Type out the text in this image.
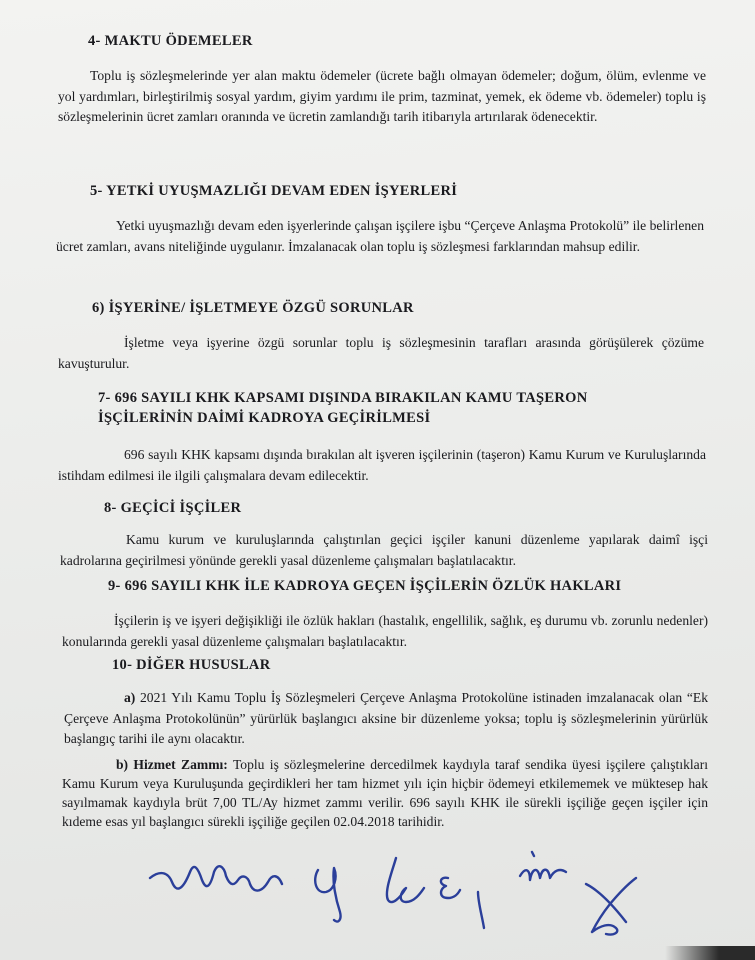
4- MAKTU ÖDEMELER
Toplu iş sözleşmelerinde yer alan maktu ödemeler (ücrete bağlı olmayan ödemeler; doğum, ölüm, evlenme ve yol yardımları, birleştirilmiş sosyal yardım, giyim yardımı ile prim, tazminat, yemek, ek ödeme vb. ödemeler) toplu iş sözleşmelerinin ücret zamları oranında ve ücretin zamlandığı tarih itibarıyla artırılarak ödenecektir.
5- YETKİ UYUŞMAZLIĞI DEVAM EDEN İŞYERLERİ
Yetki uyuşmazlığı devam eden işyerlerinde çalışan işçilere işbu “Çerçeve Anlaşma Protokolü” ile belirlenen ücret zamları, avans niteliğinde uygulanır. İmzalanacak olan toplu iş sözleşmesi farklarından mahsup edilir.
6) İŞYERİNE/ İŞLETMEYE ÖZGÜ SORUNLAR
İşletme veya işyerine özgü sorunlar toplu iş sözleşmesinin tarafları arasında görüşülerek çözüme kavuşturulur.
7- 696 SAYILI KHK KAPSAMI DIŞINDA BIRAKILAN KAMU TAŞERON
İŞÇİLERİNİN DAİMİ KADROYA GEÇİRİLMESİ
696 sayılı KHK kapsamı dışında bırakılan alt işveren işçilerinin (taşeron) Kamu Kurum ve Kuruluşlarında istihdam edilmesi ile ilgili çalışmalara devam edilecektir.
8- GEÇİCİ İŞÇİLER
Kamu kurum ve kuruluşlarında çalıştırılan geçici işçiler kanuni düzenleme yapılarak daimî işçi kadrolarına geçirilmesi yönünde gerekli yasal düzenleme çalışmaları başlatılacaktır.
9- 696 SAYILI KHK İLE KADROYA GEÇEN İŞÇİLERİN ÖZLÜK HAKLARI
İşçilerin iş ve işyeri değişikliği ile özlük hakları (hastalık, engellilik, sağlık, eş durumu vb. zorunlu nedenler) konularında gerekli yasal düzenleme çalışmaları başlatılacaktır.
10- DİĞER HUSUSLAR
a) 2021 Yılı Kamu Toplu İş Sözleşmeleri Çerçeve Anlaşma Protokolüne istinaden imzalanacak olan “Ek Çerçeve Anlaşma Protokolünün” yürürlük başlangıcı aksine bir düzenleme yoksa; toplu iş sözleşmelerinin yürürlük başlangıç tarihi ile aynı olacaktır.
b) Hizmet Zammı: Toplu iş sözleşmelerine dercedilmek kaydıyla taraf sendika üyesi işçilere çalıştıkları Kamu Kurum veya Kuruluşunda geçirdikleri her tam hizmet yılı için hiçbir ödemeyi etkilememek ve müktesep hak sayılmamak kaydıyla brüt 7,00 TL/Ay hizmet zammı verilir. 696 sayılı KHK ile sürekli işçiliğe geçen işçiler için kıdeme esas yıl başlangıcı sürekli işçiliğe geçilen 02.04.2018 tarihidir.
